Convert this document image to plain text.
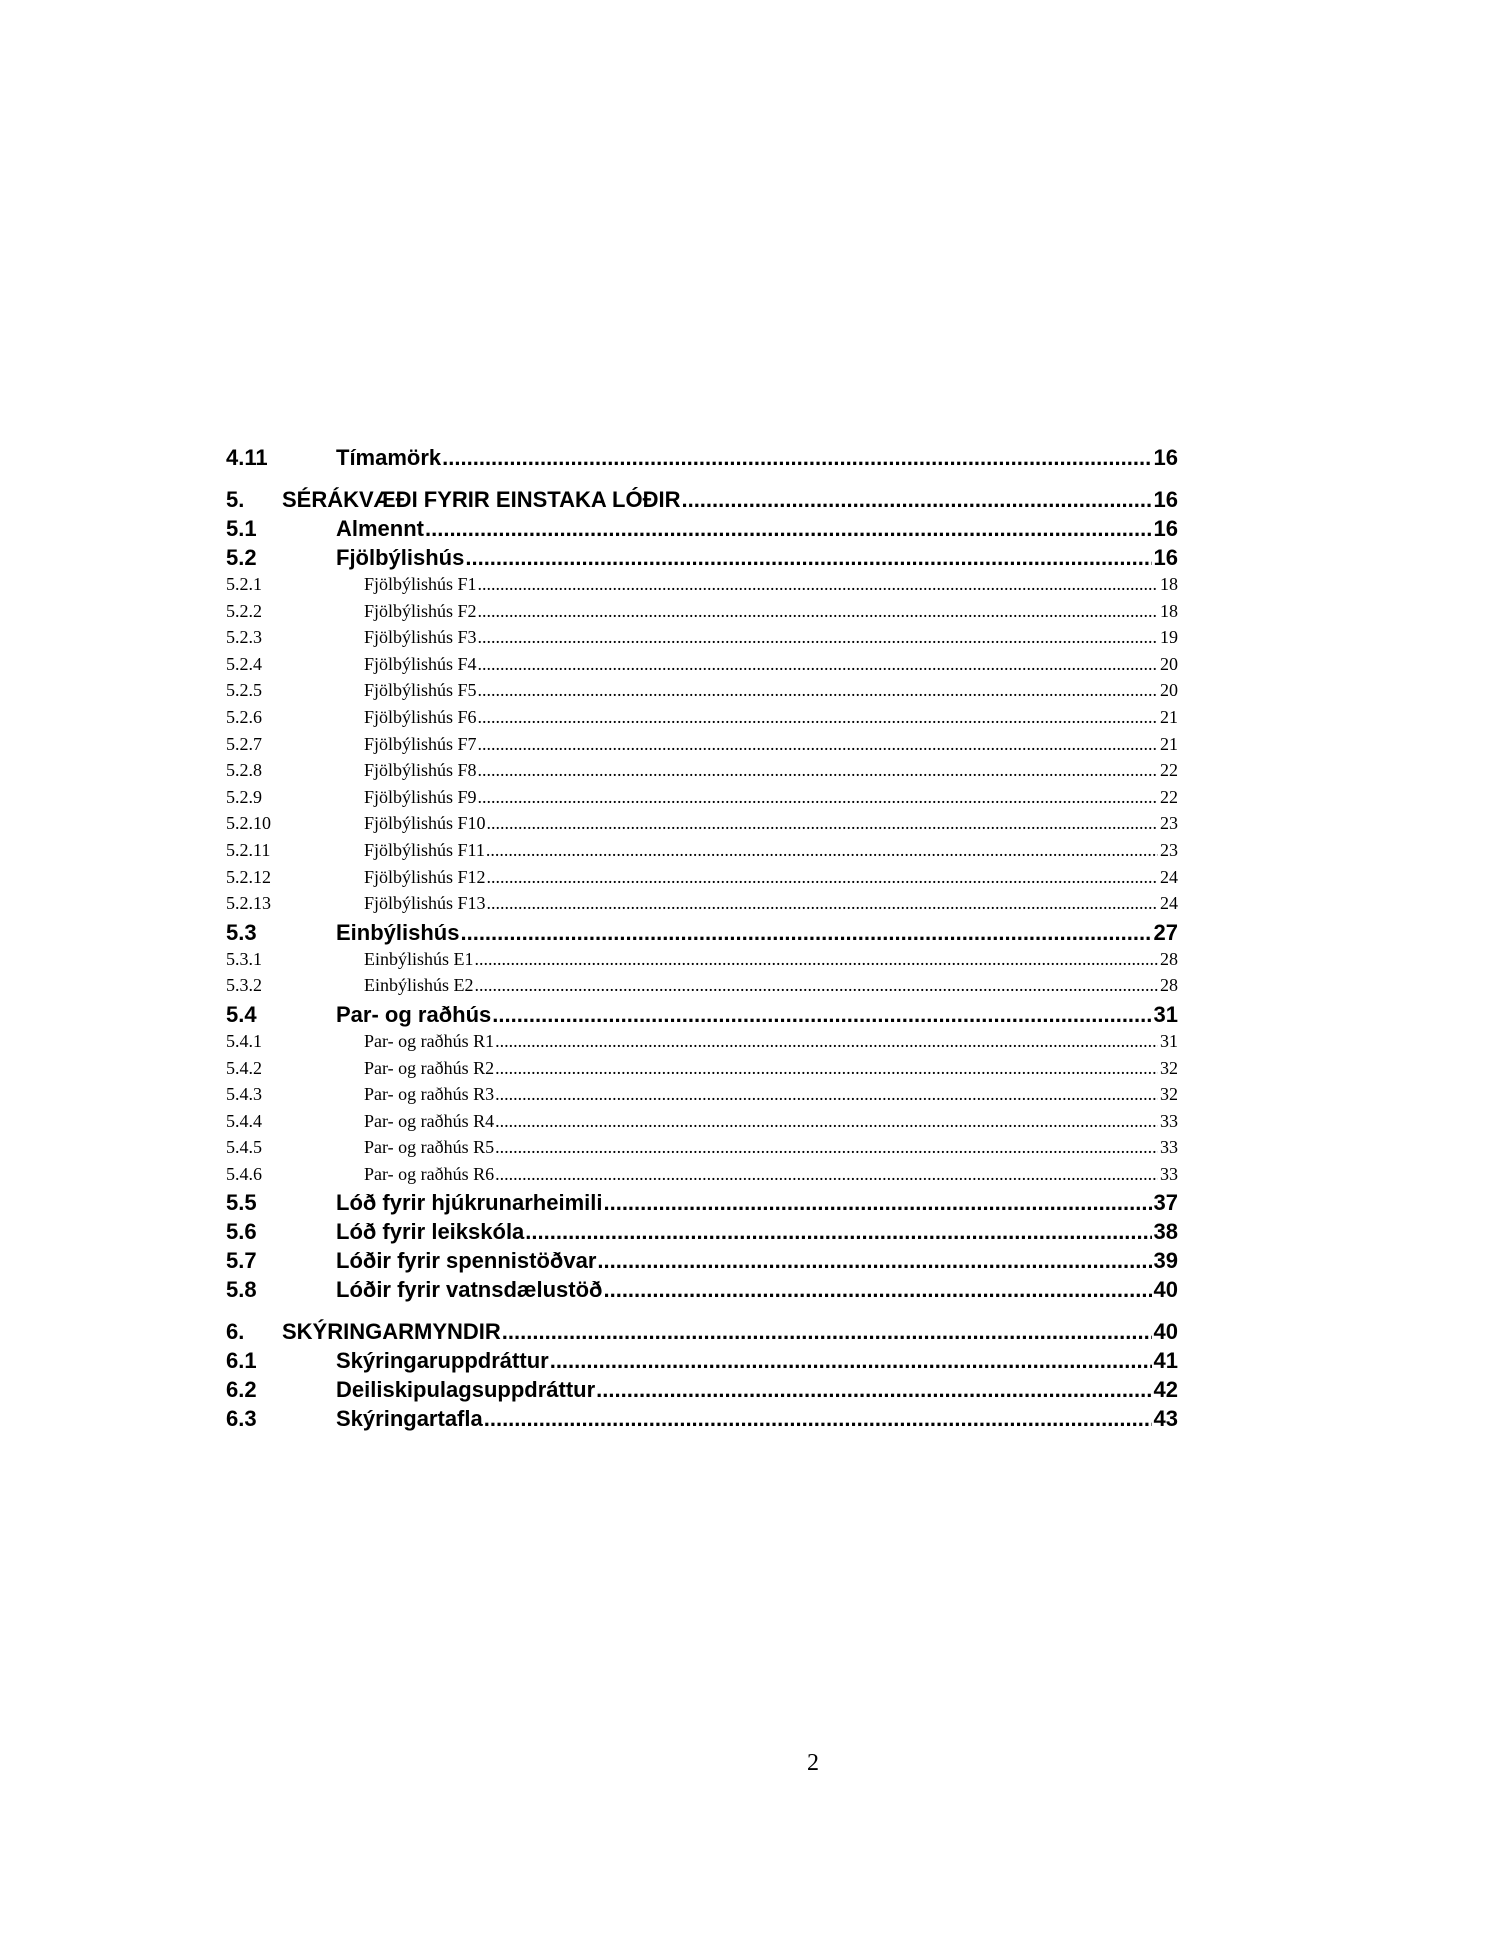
4.11	Tímamörk .....	16
5.	SÉRÁKVÆÐI FYRIR EINSTAKA LÓÐIR .....	16
5.1	Almennt .....	16
5.2	Fjölbýlishús .....	16
5.2.1	Fjölbýlishús F1 .....	18
5.2.2	Fjölbýlishús F2 .....	18
5.2.3	Fjölbýlishús F3 .....	19
5.2.4	Fjölbýlishús F4 .....	20
5.2.5	Fjölbýlishús F5 .....	20
5.2.6	Fjölbýlishús F6 .....	21
5.2.7	Fjölbýlishús F7 .....	21
5.2.8	Fjölbýlishús F8 .....	22
5.2.9	Fjölbýlishús F9 .....	22
5.2.10	Fjölbýlishús F10 .....	23
5.2.11	Fjölbýlishús F11 .....	23
5.2.12	Fjölbýlishús F12 .....	24
5.2.13	Fjölbýlishús F13 .....	24
5.3	Einbýlishús .....	27
5.3.1	Einbýlishús E1 .....	28
5.3.2	Einbýlishús E2 .....	28
5.4	Par- og raðhús .....	31
5.4.1	Par- og raðhús R1 .....	31
5.4.2	Par- og raðhús R2 .....	32
5.4.3	Par- og raðhús R3 .....	32
5.4.4	Par- og raðhús R4 .....	33
5.4.5	Par- og raðhús R5 .....	33
5.4.6	Par- og raðhús R6 .....	33
5.5	Lóð fyrir hjúkrunarheimili .....	37
5.6	Lóð fyrir leikskóla .....	38
5.7	Lóðir fyrir spennistöðvar .....	39
5.8	Lóðir fyrir vatnsdælustöð .....	40
6.	SKÝRINGARMYNDIR .....	40
6.1	Skýringaruppdráttur .....	41
6.2	Deiliskipulagsuppdráttur .....	42
6.3	Skýringartafla .....	43
2
